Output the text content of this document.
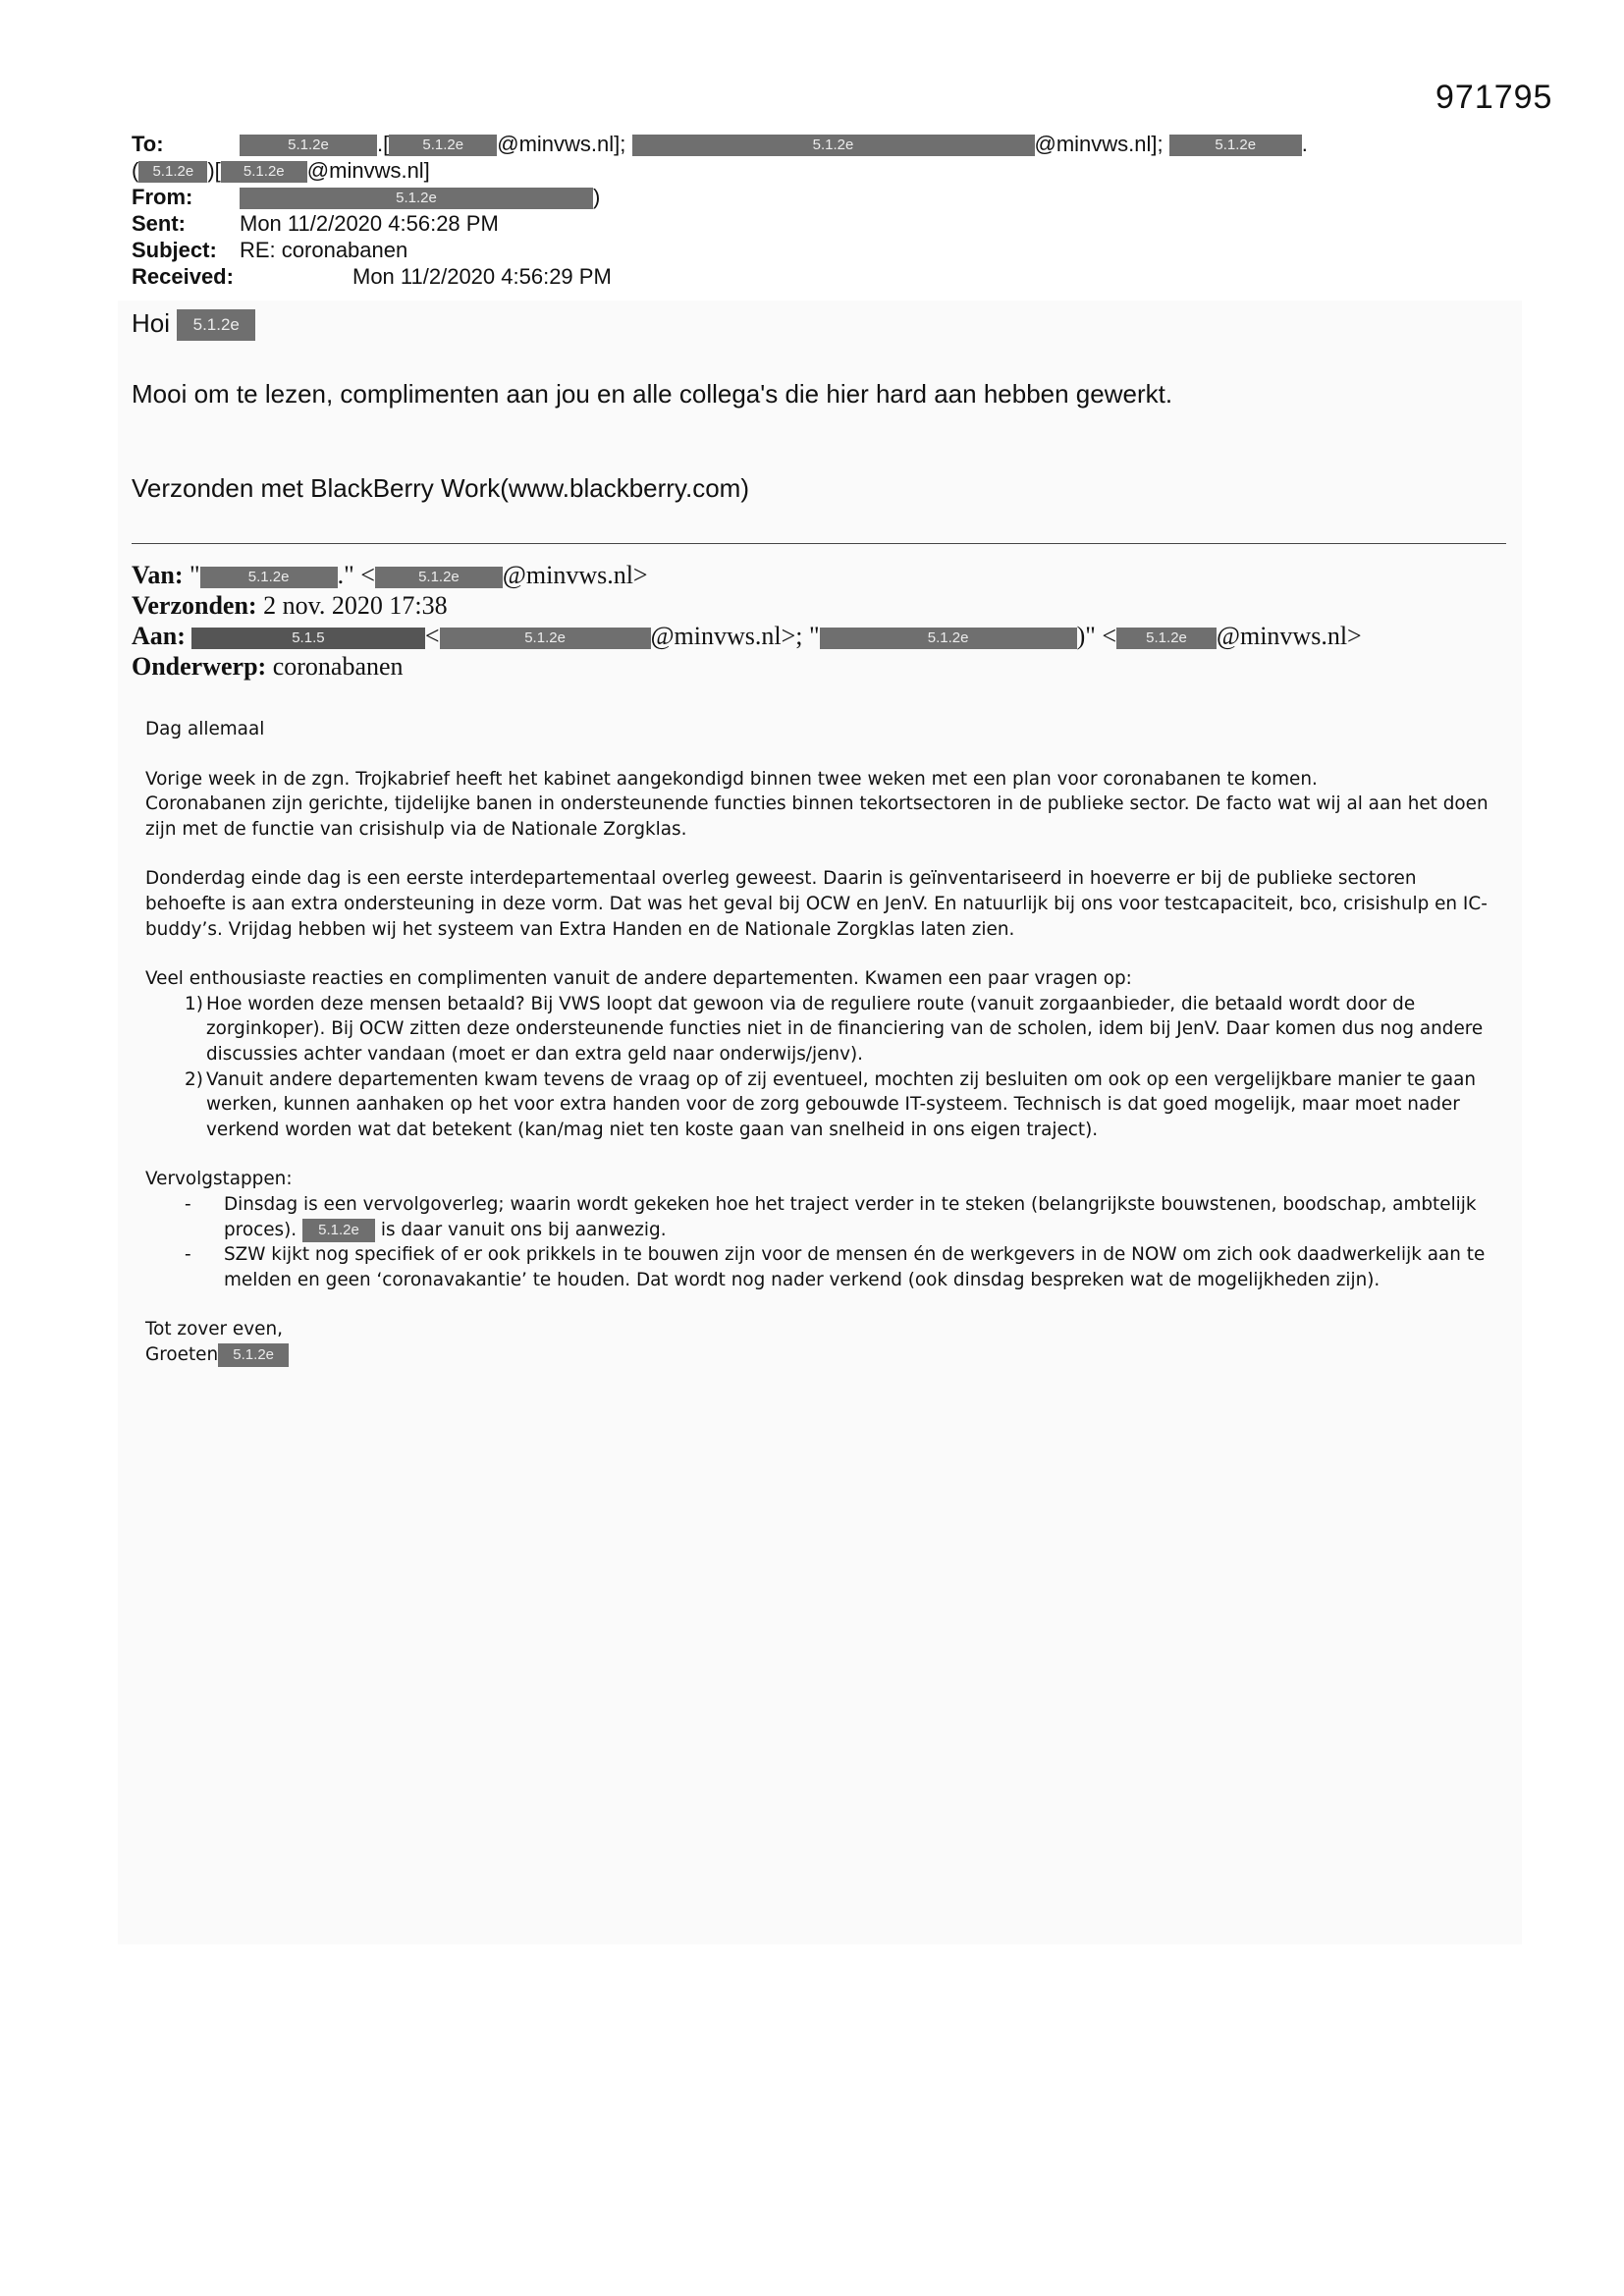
971795
To:	5.1.2e .[ 5.1.2e @minvws.nl];	5.1.2e	@minvws.nl];	5.1.2e .
( 5.1.2e )[ 5.1.2e @minvws.nl]
From:	5.1.2e	)
Sent:	Mon 11/2/2020 4:56:28 PM
Subject: RE: coronabanen
Received:	Mon 11/2/2020 4:56:29 PM
Hoi 5.1.2e
Mooi om te lezen, complimenten aan jou en alle collega's die hier hard aan hebben gewerkt.
Verzonden met BlackBerry Work(www.blackberry.com)
Van: "	5.1.2e ." <	5.1.2e @minvws.nl>
Verzonden: 2 nov. 2020 17:38
Aan:	5.1.5	<	5.1.2e	@minvws.nl>; "	5.1.2e	)" < 5.1.2e @minvws.nl>
Onderwerp: coronabanen

Dag allemaal

Vorige week in de zgn. Trojkabrief heeft het kabinet aangekondigd binnen twee weken met een plan voor coronabanen te komen.

Coronabanen zijn gerichte, tijdelijke banen in ondersteunende functies binnen tekortsectoren in de publieke sector. De facto wat wij al aan het doen zijn met de functie van crisishulp via de Nationale Zorgklas.

Donderdag einde dag is een eerste interdepartementaal overleg geweest. Daarin is geïnventariseerd in hoeverre er bij de publieke sectoren behoefte is aan extra ondersteuning in deze vorm. Dat was het geval bij OCW en JenV. En natuurlijk bij ons voor testcapaciteit, bco, crisishulp en IC-buddy’s. Vrijdag hebben wij het systeem van Extra Handen en de Nationale Zorgklas laten zien.

Veel enthousiaste reacties en complimenten vanuit de andere departementen. Kwamen een paar vragen op:

1) Hoe worden deze mensen betaald? Bij VWS loopt dat gewoon via de reguliere route (vanuit zorgaanbieder, die betaald wordt door de zorginkoper). Bij OCW zitten deze ondersteunende functies niet in de financiering van de scholen, idem bij JenV. Daar komen dus nog andere discussies achter vandaan (moet er dan extra geld naar onderwijs/jenv).
2) Vanuit andere departementen kwam tevens de vraag op of zij eventueel, mochten zij besluiten om ook op een vergelijkbare manier te gaan werken, kunnen aanhaken op het voor extra handen voor de zorg gebouwde IT-systeem. Technisch is dat goed mogelijk, maar moet nader verkend worden wat dat betekent (kan/mag niet ten koste gaan van snelheid in ons eigen traject).

Vervolgstappen:

-	Dinsdag is een vervolgoverleg; waarin wordt gekeken hoe het traject verder in te steken (belangrijkste bouwstenen, boodschap, ambtelijk proces). 5.1.2e is daar vanuit ons bij aanwezig.
-	SZW kijkt nog specifiek of er ook prikkels in te bouwen zijn voor de mensen én de werkgevers in de NOW om zich ook daadwerkelijk aan te melden en geen ‘coronavakantie’ te houden. Dat wordt nog nader verkend (ook dinsdag bespreken wat de mogelijkheden zijn).

Tot zover even,

Groeten 5.1.2e
